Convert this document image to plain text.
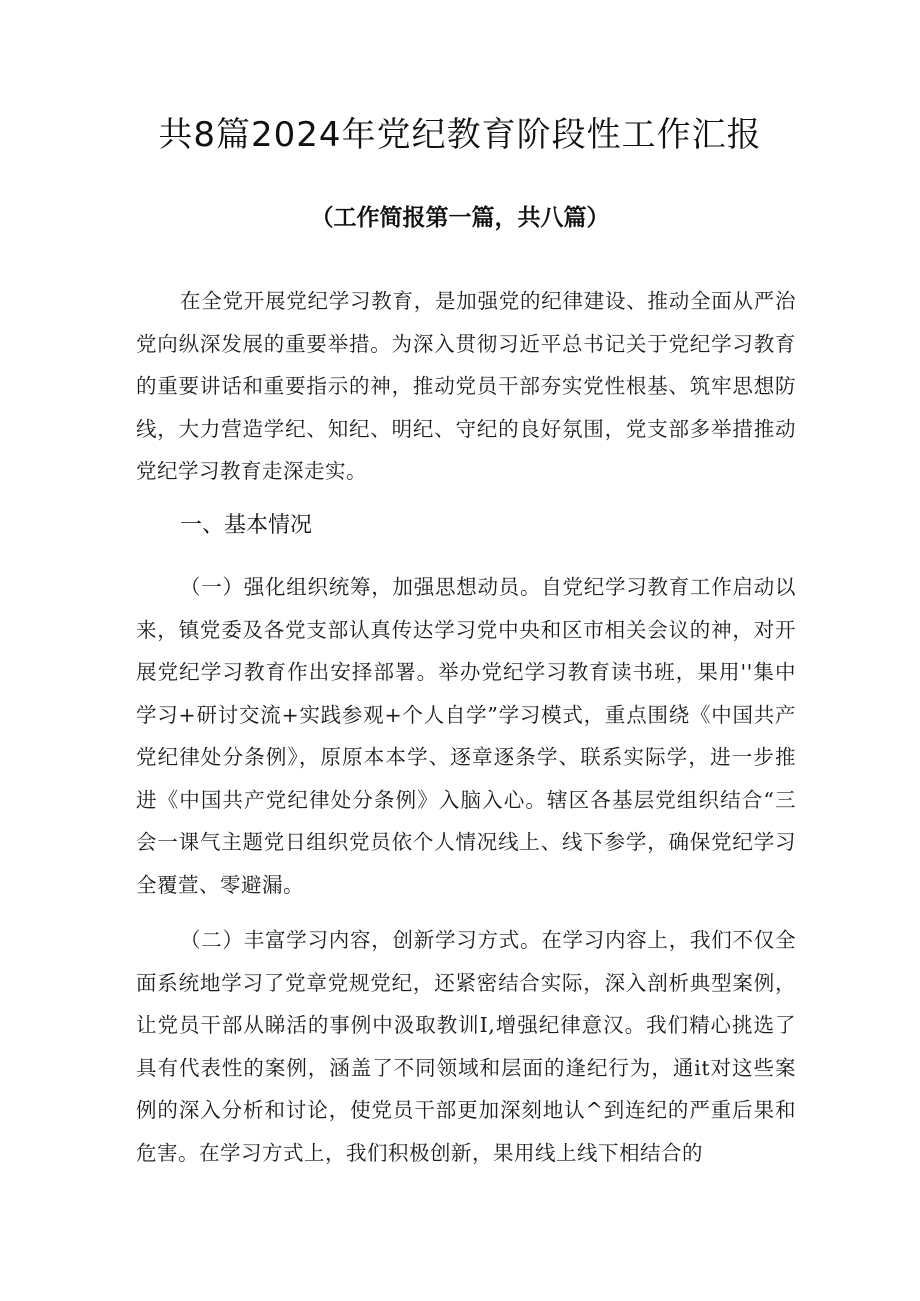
共8篇2024年党纪教育阶段性工作汇报
（工作简报第一篇，共八篇）

在全党开展党纪学习教育，是加强党的纪律建设、推动全面从严治党向纵深发展的重要举措。为深入贯彻习近平总书记关于党纪学习教育的重要讲话和重要指示的神，推动党员干部夯实党性根基、筑牢思想防线，大力营造学纪、知纪、明纪、守纪的良好氛围，党支部多举措推动党纪学习教育走深走实。

一、基本情况

（一）强化组织统筹，加强思想动员。自党纪学习教育工作启动以来，镇党委及各党支部认真传达学习党中央和区市相关会议的神，对开展党纪学习教育作出安择部署。举办党纪学习教育读书班，果用''集中学习+研讨交流+实践参观+个人自学”学习模式，重点围绕《中国共产党纪律处分条例》，原原本本学、逐章逐条学、联系实际学，进一步推进《中国共产党纪律处分条例》入脑入心。辖区各基层党组织结合“三会一课气主题党日组织党员依个人情况线上、线下参学，确保党纪学习全覆萱、零避漏。

（二）丰富学习内容，创新学习方式。在学习内容上，我们不仅全面系统地学习了党章党规党纪，还紧密结合实际，深入剖析典型案例，让党员干部从睇活的事例中汲取教训I,增强纪律意汉。我们精心挑选了具有代表性的案例，涵盖了不同领域和层面的逢纪行为，通it对这些案例的深入分析和讨论，使党员干部更加深刻地认^到连纪的严重后果和危害。在学习方式上，我们积极创新，果用线上线下相结合的
